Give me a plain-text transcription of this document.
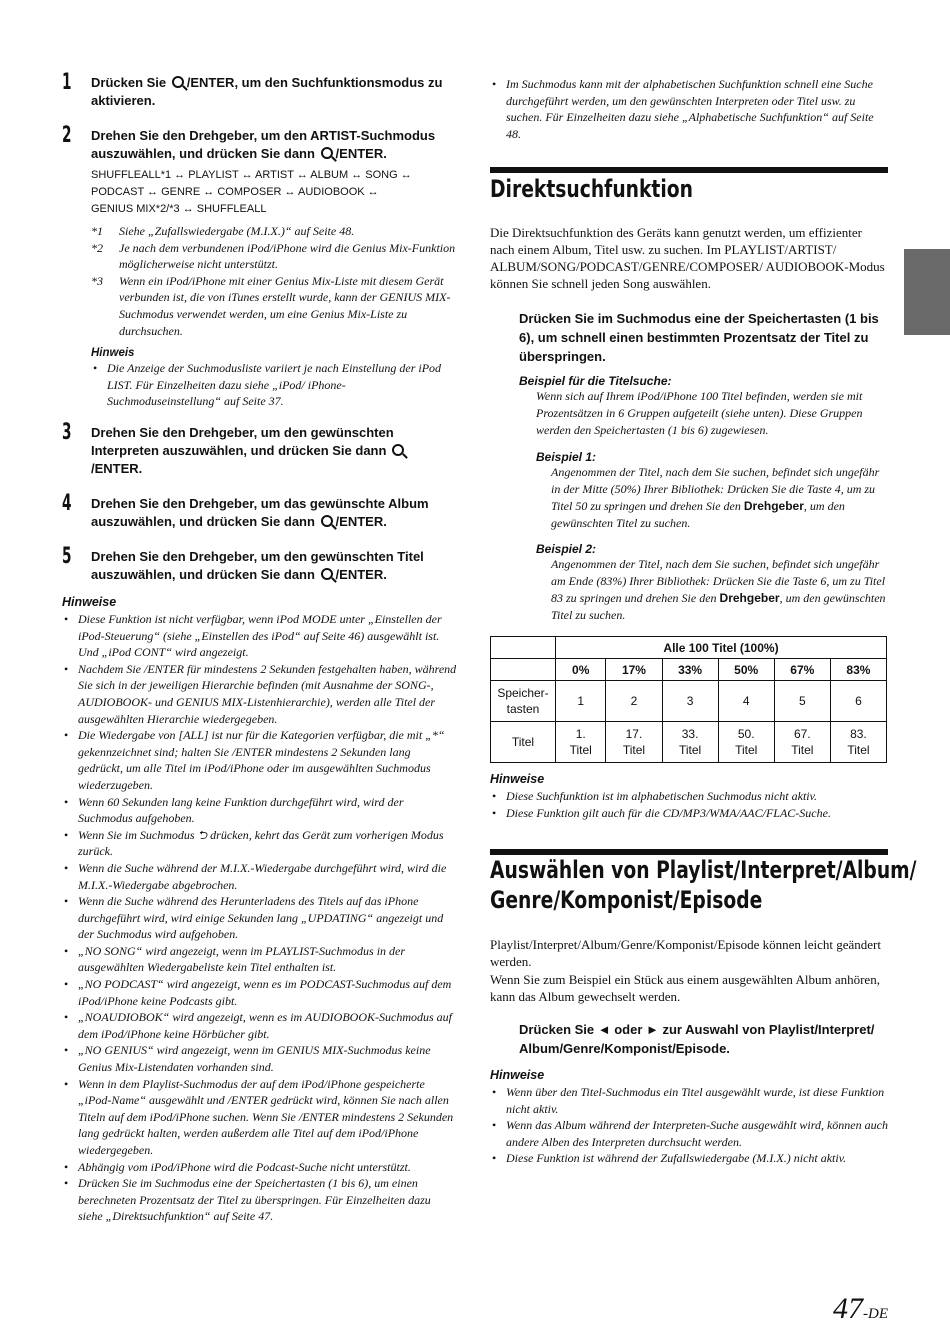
1 Drücken Sie /ENTER, um den Suchfunktionsmodus zu aktivieren.
2 Drehen Sie den Drehgeber, um den ARTIST-Suchmodus auszuwählen, und drücken Sie dann /ENTER.
SHUFFLEALL*1 ↔ PLAYLIST ↔ ARTIST ↔ ALBUM ↔ SONG ↔
PODCAST ↔ GENRE ↔ COMPOSER ↔ AUDIOBOOK ↔
GENIUS MIX*2/*3 ↔ SHUFFLEALL
*1 Siehe „Zufallswiedergabe (M.I.X.)“ auf Seite 48.
*2 Je nach dem verbundenen iPod/iPhone wird die Genius Mix-Funktion möglicherweise nicht unterstützt.
*3 Wenn ein iPod/iPhone mit einer Genius Mix-Liste mit diesem Gerät verbunden ist, die von iTunes erstellt wurde, kann der GENIUS MIX-Suchmodus verwendet werden, um eine Genius Mix-Liste zu durchsuchen.
Hinweis
• Die Anzeige der Suchmodusliste variiert je nach Einstellung der iPod LIST. Für Einzelheiten dazu siehe „iPod/ iPhone-Suchmoduseinstellung“ auf Seite 37.
3 Drehen Sie den Drehgeber, um den gewünschten Interpreten auszuwählen, und drücken Sie dann /ENTER.
4 Drehen Sie den Drehgeber, um das gewünschte Album auszuwählen, und drücken Sie dann /ENTER.
5 Drehen Sie den Drehgeber, um den gewünschten Titel auszuwählen, und drücken Sie dann /ENTER.
Hinweise
• Diese Funktion ist nicht verfügbar, wenn iPod MODE unter „Einstellen der iPod-Steuerung“ (siehe „Einstellen des iPod“ auf Seite 46) ausgewählt ist. Und „iPod CONT“ wird angezeigt.
• Nachdem Sie /ENTER für mindestens 2 Sekunden festgehalten haben, während Sie sich in der jeweiligen Hierarchie befinden (mit Ausnahme der SONG-, AUDIOBOOK- und GENIUS MIX-Listenhierarchie), werden alle Titel der ausgewählten Hierarchie wiedergegeben.
• Die Wiedergabe von [ALL] ist nur für die Kategorien verfügbar, die mit „*“ gekennzeichnet sind; halten Sie /ENTER mindestens 2 Sekunden lang gedrückt, um alle Titel im iPod/iPhone oder im ausgewählten Suchmodus wiederzugeben.
• Wenn 60 Sekunden lang keine Funktion durchgeführt wird, wird der Suchmodus aufgehoben.
• Wenn Sie im Suchmodus ⮌ drücken, kehrt das Gerät zum vorherigen Modus zurück.
• Wenn die Suche während der M.I.X.-Wiedergabe durchgeführt wird, wird die M.I.X.-Wiedergabe abgebrochen.
• Wenn die Suche während des Herunterladens des Titels auf das iPhone durchgeführt wird, wird einige Sekunden lang „UPDATING“ angezeigt und der Suchmodus wird aufgehoben.
• „NO SONG“ wird angezeigt, wenn im PLAYLIST-Suchmodus in der ausgewählten Wiedergabeliste kein Titel enthalten ist.
• „NO PODCAST“ wird angezeigt, wenn es im PODCAST-Suchmodus auf dem iPod/iPhone keine Podcasts gibt.
• „NOAUDIOBOK“ wird angezeigt, wenn es im AUDIOBOOK-Suchmodus auf dem iPod/iPhone keine Hörbücher gibt.
• „NO GENIUS“ wird angezeigt, wenn im GENIUS MIX-Suchmodus keine Genius Mix-Listendaten vorhanden sind.
• Wenn in dem Playlist-Suchmodus der auf dem iPod/iPhone gespeicherte „iPod-Name“ ausgewählt und /ENTER gedrückt wird, können Sie nach allen Titeln auf dem iPod/iPhone suchen. Wenn Sie /ENTER mindestens 2 Sekunden lang gedrückt halten, werden außerdem alle Titel auf dem iPod/iPhone wiedergegeben.
• Abhängig vom iPod/iPhone wird die Podcast-Suche nicht unterstützt.
• Drücken Sie im Suchmodus eine der Speichertasten (1 bis 6), um einen berechneten Prozentsatz der Titel zu überspringen. Für Einzelheiten dazu siehe „Direktsuchfunktion“ auf Seite 47.
• Im Suchmodus kann mit der alphabetischen Suchfunktion schnell eine Suche durchgeführt werden, um den gewünschten Interpreten oder Titel usw. zu suchen. Für Einzelheiten dazu siehe „Alphabetische Suchfunktion“ auf Seite 48.
Direktsuchfunktion
Die Direktsuchfunktion des Geräts kann genutzt werden, um effizienter nach einem Album, Titel usw. zu suchen. Im PLAYLIST/ARTIST/ ALBUM/SONG/PODCAST/GENRE/COMPOSER/ AUDIOBOOK-Modus können Sie schnell jeden Song auswählen.
Drücken Sie im Suchmodus eine der Speichertasten (1 bis 6), um schnell einen bestimmten Prozentsatz der Titel zu überspringen.
Beispiel für die Titelsuche:
Wenn sich auf Ihrem iPod/iPhone 100 Titel befinden, werden sie mit Prozentsätzen in 6 Gruppen aufgeteilt (siehe unten). Diese Gruppen werden den Speichertasten (1 bis 6) zugewiesen.
Beispiel 1:
Angenommen der Titel, nach dem Sie suchen, befindet sich ungefähr in der Mitte (50%) Ihrer Bibliothek: Drücken Sie die Taste 4, um zu Titel 50 zu springen und drehen Sie den Drehgeber, um den gewünschten Titel zu suchen.
Beispiel 2:
Angenommen der Titel, nach dem Sie suchen, befindet sich ungefähr am Ende (83%) Ihrer Bibliothek: Drücken Sie die Taste 6, um zu Titel 83 zu springen und drehen Sie den Drehgeber, um den gewünschten Titel zu suchen.
	Alle 100 Titel (100%)					
	0%	17%	33%	50%	67%	83%
Speicher-tasten	1	2	3	4	5	6
Titel	1. Titel	17. Titel	33. Titel	50. Titel	67. Titel	83. Titel
Hinweise
• Diese Suchfunktion ist im alphabetischen Suchmodus nicht aktiv.
• Diese Funktion gilt auch für die CD/MP3/WMA/AAC/FLAC-Suche.
Auswählen von Playlist/Interpret/Album/
Genre/Komponist/Episode
Playlist/Interpret/Album/Genre/Komponist/Episode können leicht geändert werden.
Wenn Sie zum Beispiel ein Stück aus einem ausgewählten Album anhören, kann das Album gewechselt werden.
Drücken Sie ◄ oder ► zur Auswahl von Playlist/Interpret/ Album/Genre/Komponist/Episode.
Hinweise
• Wenn über den Titel-Suchmodus ein Titel ausgewählt wurde, ist diese Funktion nicht aktiv.
• Wenn das Album während der Interpreten-Suche ausgewählt wird, können auch andere Alben des Interpreten durchsucht werden.
• Diese Funktion ist während der Zufallswiedergabe (M.I.X.) nicht aktiv.
47-DE
